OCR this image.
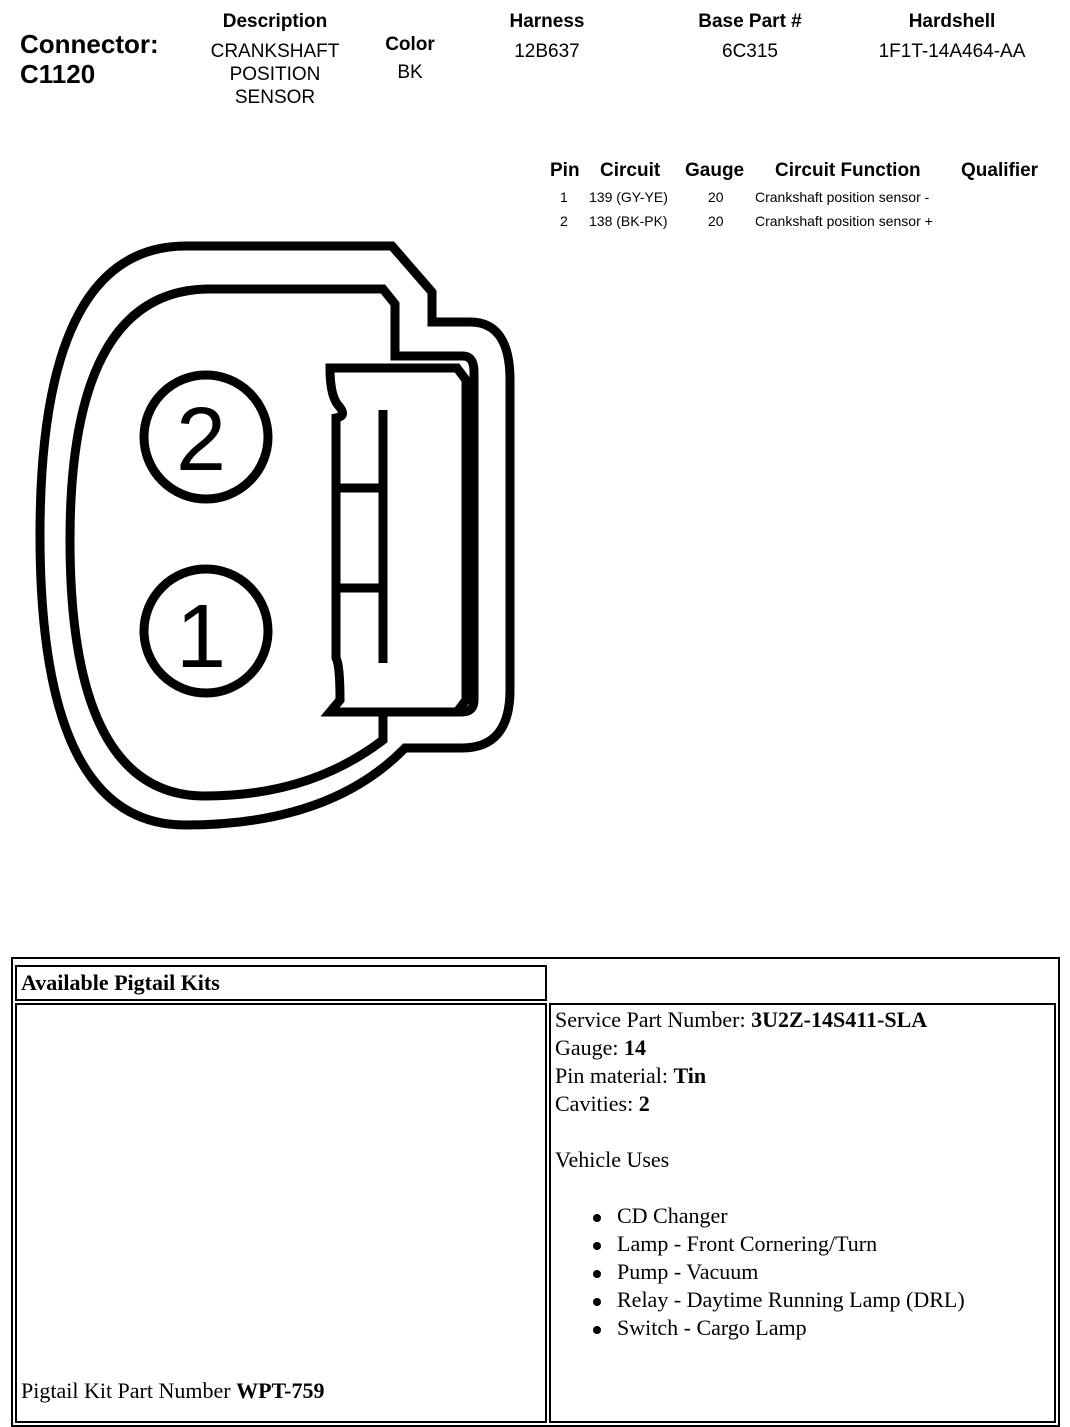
Connector:
C1120
Description
CRANKSHAFT
POSITION
SENSOR
Color
BK
Harness
12B637
Base Part #
6C315
Hardshell
1F1T-14A464-AA
Pin Circuit Gauge Circuit Function Qualifier
1 139 (GY-YE)	20 Crankshaft position sensor -
2 138 (BK-PK)	20 Crankshaft position sensor +
2
1
Available Pigtail Kits
Pigtail Kit Part Number WPT-759
Service Part Number: 3U2Z-14S411-SLA
Gauge: 14
Pin material: Tin
Cavities: 2
Vehicle Uses
CD Changer
Lamp - Front Cornering/Turn
Pump - Vacuum
Relay - Daytime Running Lamp (DRL)
Switch - Cargo Lamp
